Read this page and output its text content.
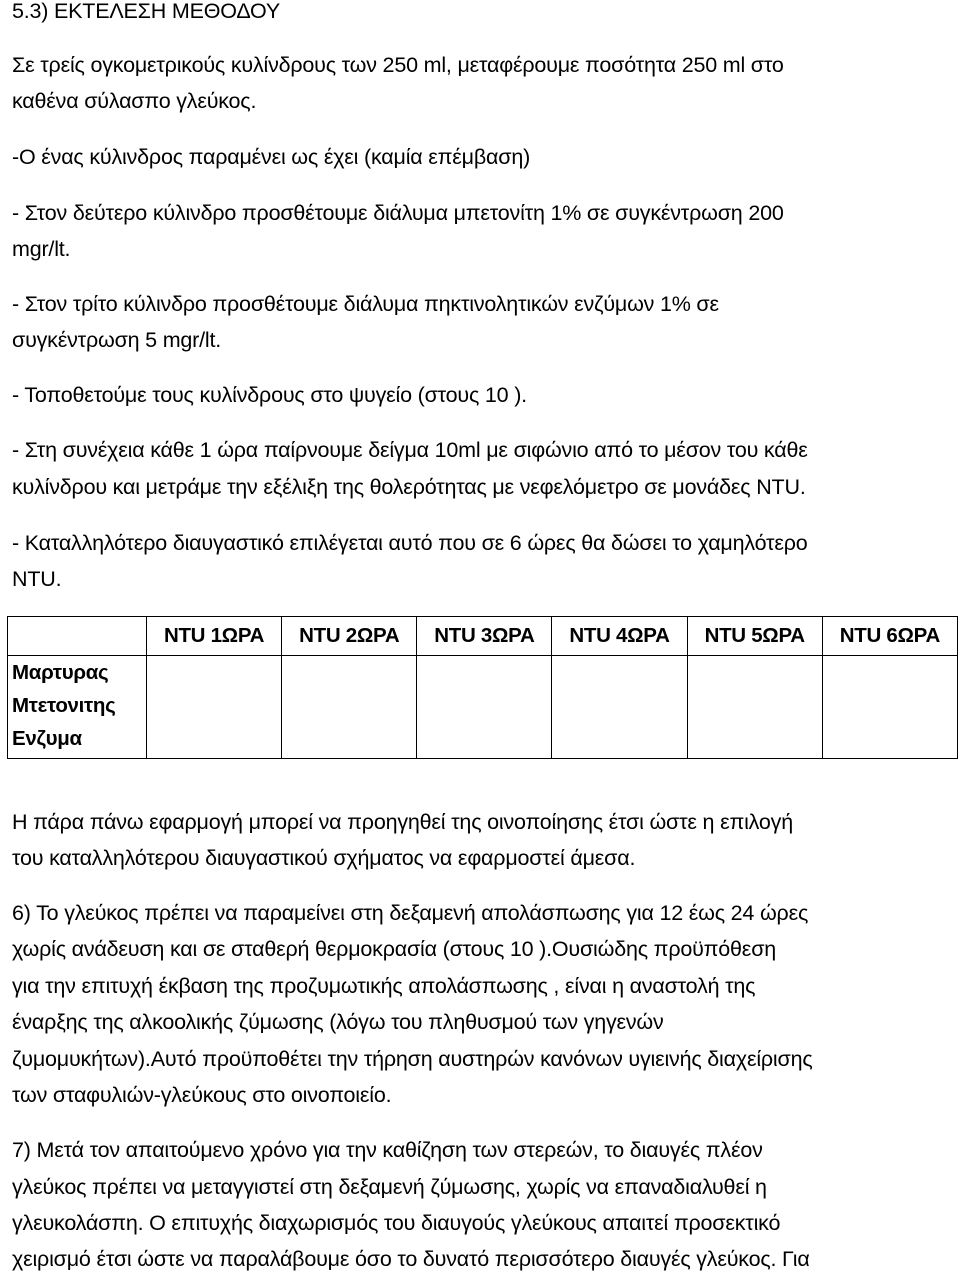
5.3) ΕΚΤΕΛΕΣΗ ΜΕΘΟΔΟΥ
Σε τρείς ογκομετρικούς κυλίνδρους των 250 ml, μεταφέρουμε ποσότητα 250 ml στο
καθένα σύλασπο γλεύκος.
-Ο ένας κύλινδρος παραμένει ως έχει (καμία επέμβαση)
- Στον δεύτερο κύλινδρο προσθέτουμε διάλυμα μπετονίτη 1% σε συγκέντρωση 200
mgr/lt.
- Στον τρίτο κύλινδρο προσθέτουμε διάλυμα πηκτινολητικών ενζύμων 1% σε
συγκέντρωση 5 mgr/lt.
- Τοποθετούμε τους κυλίνδρους στο ψυγείο (στους 10 ).
- Στη συνέχεια κάθε 1 ώρα παίρνουμε δείγμα 10ml με σιφώνιο από το μέσον του κάθε
κυλίνδρου και μετράμε την εξέλιξη της θολερότητας με νεφελόμετρο σε μονάδες NTU.
- Καταλληλότερο διαυγαστικό επιλέγεται αυτό που σε 6 ώρες θα δώσει το χαμηλότερο
NTU.
	NTU 1ΩΡΑ	NTU 2ΩΡΑ	NTU 3ΩΡΑ	NTU 4ΩΡΑ	NTU 5ΩΡΑ	NTU 6ΩΡΑ

Μαρτυρας
Μτετονιτης
Ενζυμα						

Η πάρα πάνω εφαρμογή μπορεί να προηγηθεί της οινοποίησης έτσι ώστε η επιλογή
του καταλληλότερου διαυγαστικού σχήματος να εφαρμοστεί άμεσα.
6) Το γλεύκος πρέπει να παραμείνει στη δεξαμενή απολάσπωσης για 12 έως 24 ώρες
χωρίς ανάδευση και σε σταθερή θερμοκρασία (στους 10 ).Ουσιώδης προϋπόθεση
για την επιτυχή έκβαση της προζυμωτικής απολάσπωσης , είναι η αναστολή της
έναρξης της αλκοολικής ζύμωσης (λόγω του πληθυσμού των γηγενών
ζυμομυκήτων).Αυτό προϋποθέτει την τήρηση αυστηρών κανόνων υγιεινής διαχείρισης
των σταφυλιών-γλεύκους στο οινοποιείο.
7) Μετά τον απαιτούμενο χρόνο για την καθίζηση των στερεών, το διαυγές πλέον
γλεύκος πρέπει να μεταγγιστεί στη δεξαμενή ζύμωσης, χωρίς να επαναδιαλυθεί η
γλευκολάσπη. Ο επιτυχής διαχωρισμός του διαυγούς γλεύκους απαιτεί προσεκτικό
χειρισμό έτσι ώστε να παραλάβουμε όσο το δυνατό περισσότερο διαυγές γλεύκος. Για
